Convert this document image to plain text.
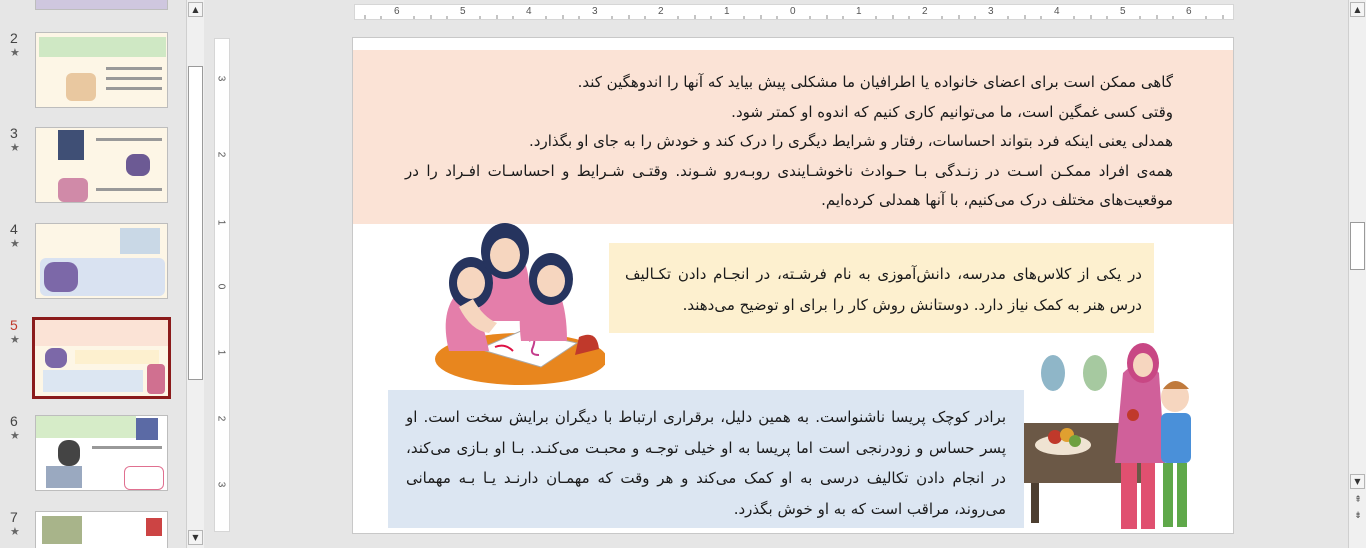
2
★
3
★
4
★
5
★
6
★
7
★
▲
▼
6	5	4	3	2	1	0	1	2	3	4	5	6
3
2
1
0
1
2
3
گاهی ممکن است برای اعضای خانواده یا اطرافیان ما مشکلی پیش بیاید که آنها را اندوهگین کند.
وقتی کسی غمگین است، ما می‌توانیم کاری کنیم که اندوه او کمتر شود.
همدلی یعنی اینکه فرد بتواند احساسات، رفتار و شرایط دیگری را درک کند و خودش را به جای او بگذارد.
همه‌ی افراد ممکـن اسـت در زنـدگی بـا حـوادث ناخوشـایندی روبـه‌رو شـوند. وقتـی شـرایط و احساسـات افـراد را در موقعیت‌های مختلف درک می‌کنیم، با آنها همدلی کرده‌ایم.
در یکی از کلاس‌های مدرسه، دانش‌آموزی به نام فرشـته، در انجـام دادن تکـالیف درس هنر به کمک نیاز دارد. دوستانش روش کار را برای او توضیح می‌دهند.
برادر کوچک پریسا ناشنواست. به همین دلیل، برقراری ارتباط با دیگران برایش سخت است. او پسر حساس و زودرنجی است اما پریسا به او خیلی توجـه و محبـت می‌کنـد. بـا او بـازی می‌کند، در انجام دادن تکالیف درسی به او کمک می‌کند و هر وقت که مهمـان دارنـد یـا بـه مهمانی می‌روند، مراقب است که به او خوش بگذرد.
▲
▼
⇞
⇟
